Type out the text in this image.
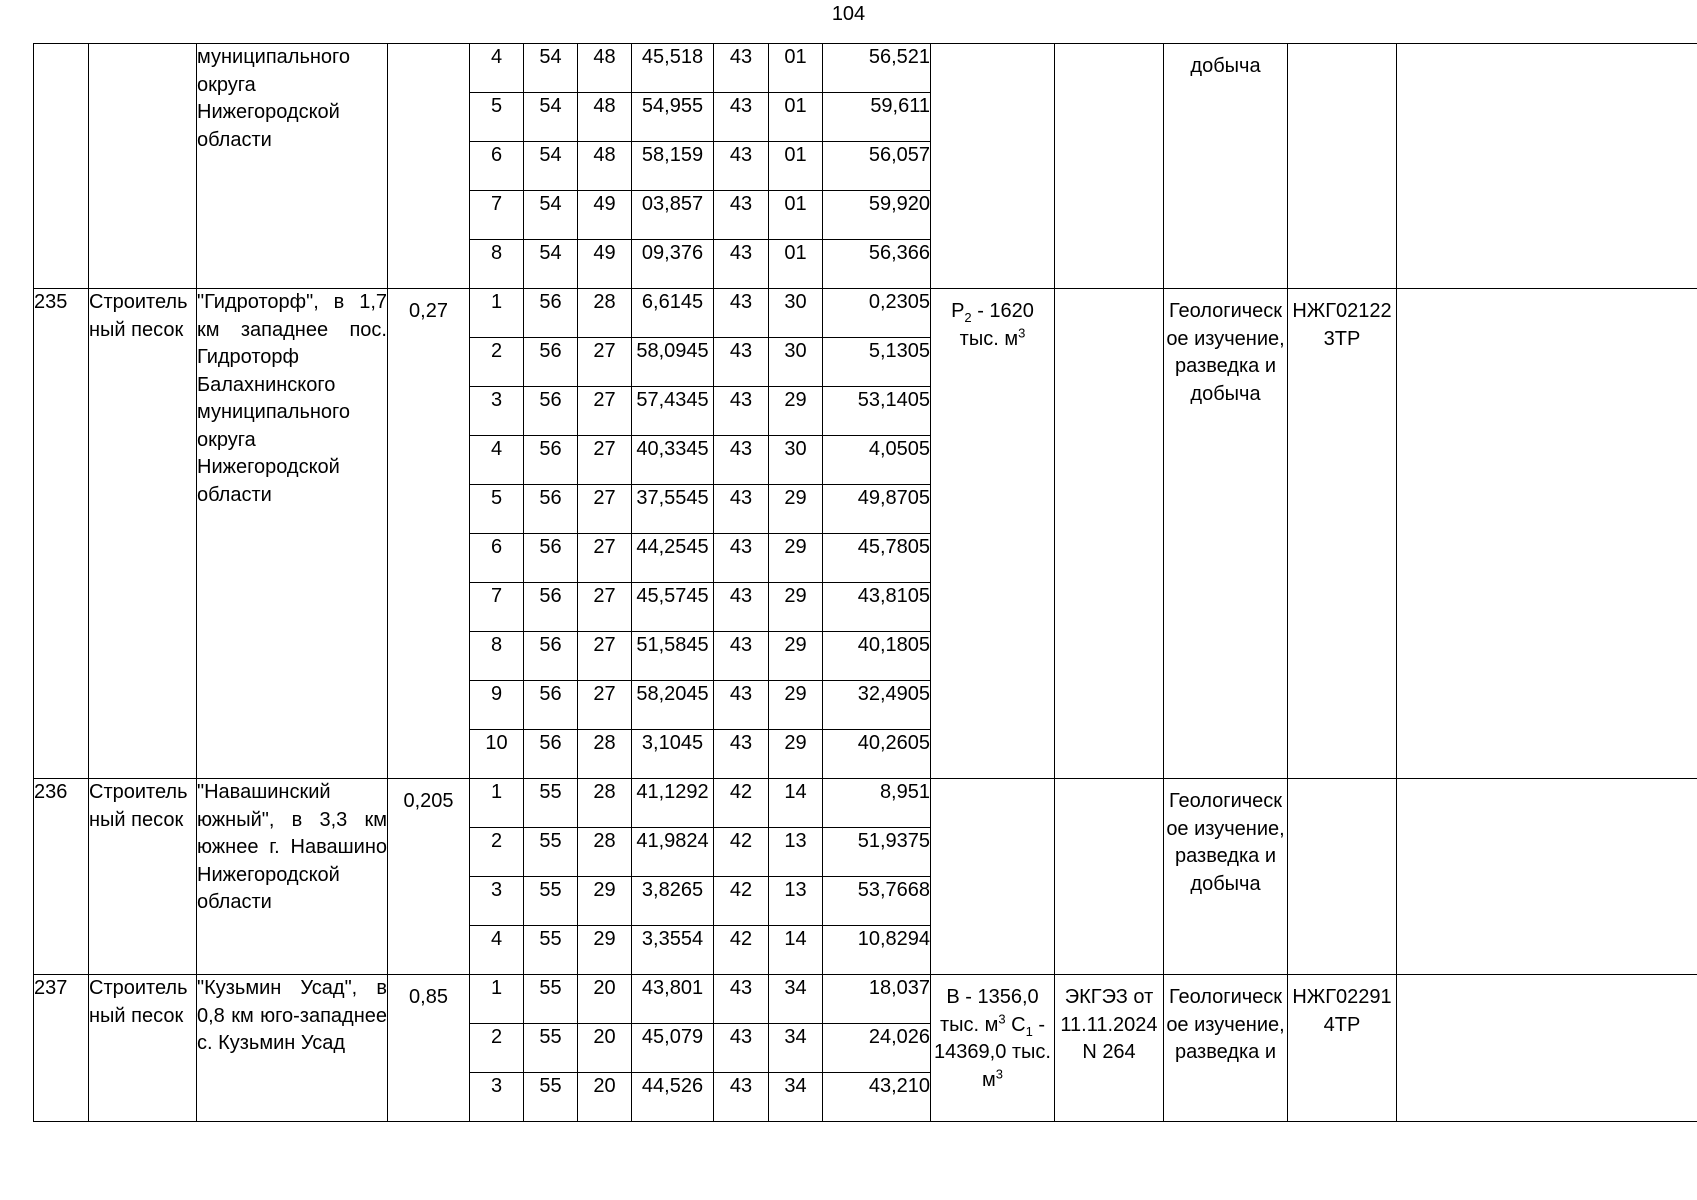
104
		муниципального округа Нижегородской области		4	54	48	45,518	43	01	56,521			добыча		
				5	54	48	54,955	43	01	59,611					
				6	54	48	58,159	43	01	56,057					
				7	54	49	03,857	43	01	59,920					
				8	54	49	09,376	43	01	56,366					
235	Строительный песок	"Гидроторф", в 1,7 км западнее пос. Гидроторф Балахнинского муниципального округа Нижегородской области	0,27	1	56	28	6,6145	43	30	0,2305	$P_2 - 1620$ тыс. $м^3$		Геологическое изучение, разведка и добыча	НЖГ021223ТР	
				2	56	27	58,0945	43	30	5,1305					
				3	56	27	57,4345	43	29	53,1405					
				4	56	27	40,3345	43	30	4,0505					
				5	56	27	37,5545	43	29	49,8705					
				6	56	27	44,2545	43	29	45,7805					
				7	56	27	45,5745	43	29	43,8105					
				8	56	27	51,5845	43	29	40,1805					
				9	56	27	58,2045	43	29	32,4905					
				10	56	28	3,1045	43	29	40,2605					
236	Строительный песок	"Навашинский южный", в 3,3 км южнее г. Навашино Нижегородской области	0,205	1	55	28	41,1292	42	14	8,951			Геологическое изучение, разведка и добыча		
				2	55	28	41,9824	42	13	51,9375					
				3	55	29	3,8265	42	13	53,7668					
				4	55	29	3,3554	42	14	10,8294					
237	Строительный песок	"Кузьмин Усад", в 0,8 км юго-западнее с. Кузьмин Усад	0,85	1	55	20	43,801	43	34	18,037	B - 1356,0 тыс. $м^3$ $C_1 - 14369,0$ тыс. $м^3$	ЭКГЭЗ от 11.11.2024 N 264	Геологическое изучение, разведка и	НЖГ022914ТР	
				2	55	20	45,079	43	34	24,026					
				3	55	20	44,526	43	34	43,210					
